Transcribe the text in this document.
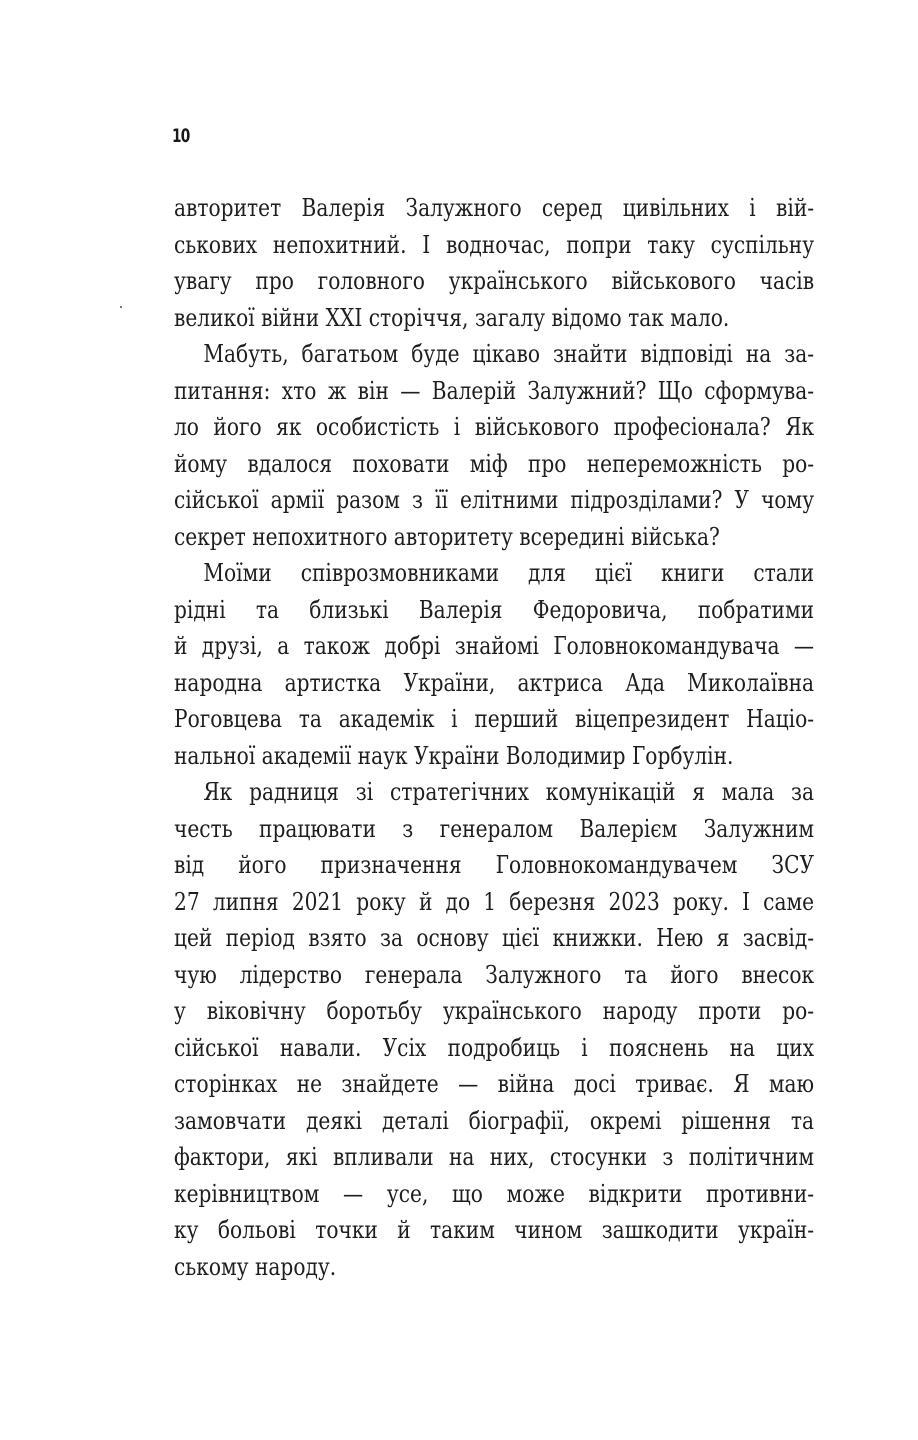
10
авторитет Валерія Залужного серед цивільних і вій-
ськових непохитний. І водночас, попри таку суспільну
увагу про головного українського військового часів
великої війни XXI сторіччя, загалу відомо так мало.
Мабуть, багатьом буде цікаво знайти відповіді на за-
питання: хто ж він — Валерій Залужний? Що сформува-
ло його як особистість і військового професіонала? Як
йому вдалося поховати міф про непереможність ро-
сійської армії разом з її елітними підрозділами? У чому
секрет непохитного авторитету всередині війська?
Моїми співрозмовниками для цієї книги стали
рідні та близькі Валерія Федоровича, побратими
й друзі, а також добрі знайомі Головнокомандувача —
народна артистка України, актриса Ада Миколаївна
Роговцева та академік і перший віцепрезидент Націо-
нальної академії наук України Володимир Горбулін.
Як радниця зі стратегічних комунікацій я мала за
честь працювати з генералом Валерієм Залужним
від його призначення Головнокомандувачем ЗСУ
27 липня 2021 року й до 1 березня 2023 року. І саме
цей період взято за основу цієї книжки. Нею я засвід-
чую лідерство генерала Залужного та його внесок
у віковічну боротьбу українського народу проти ро-
сійської навали. Усіх подробиць і пояснень на цих
сторінках не знайдете — війна досі триває. Я маю
замовчати деякі деталі біографії, окремі рішення та
фактори, які впливали на них, стосунки з політичним
керівництвом — усе, що може відкрити противни-
ку больові точки й таким чином зашкодити україн-
ському народу.
